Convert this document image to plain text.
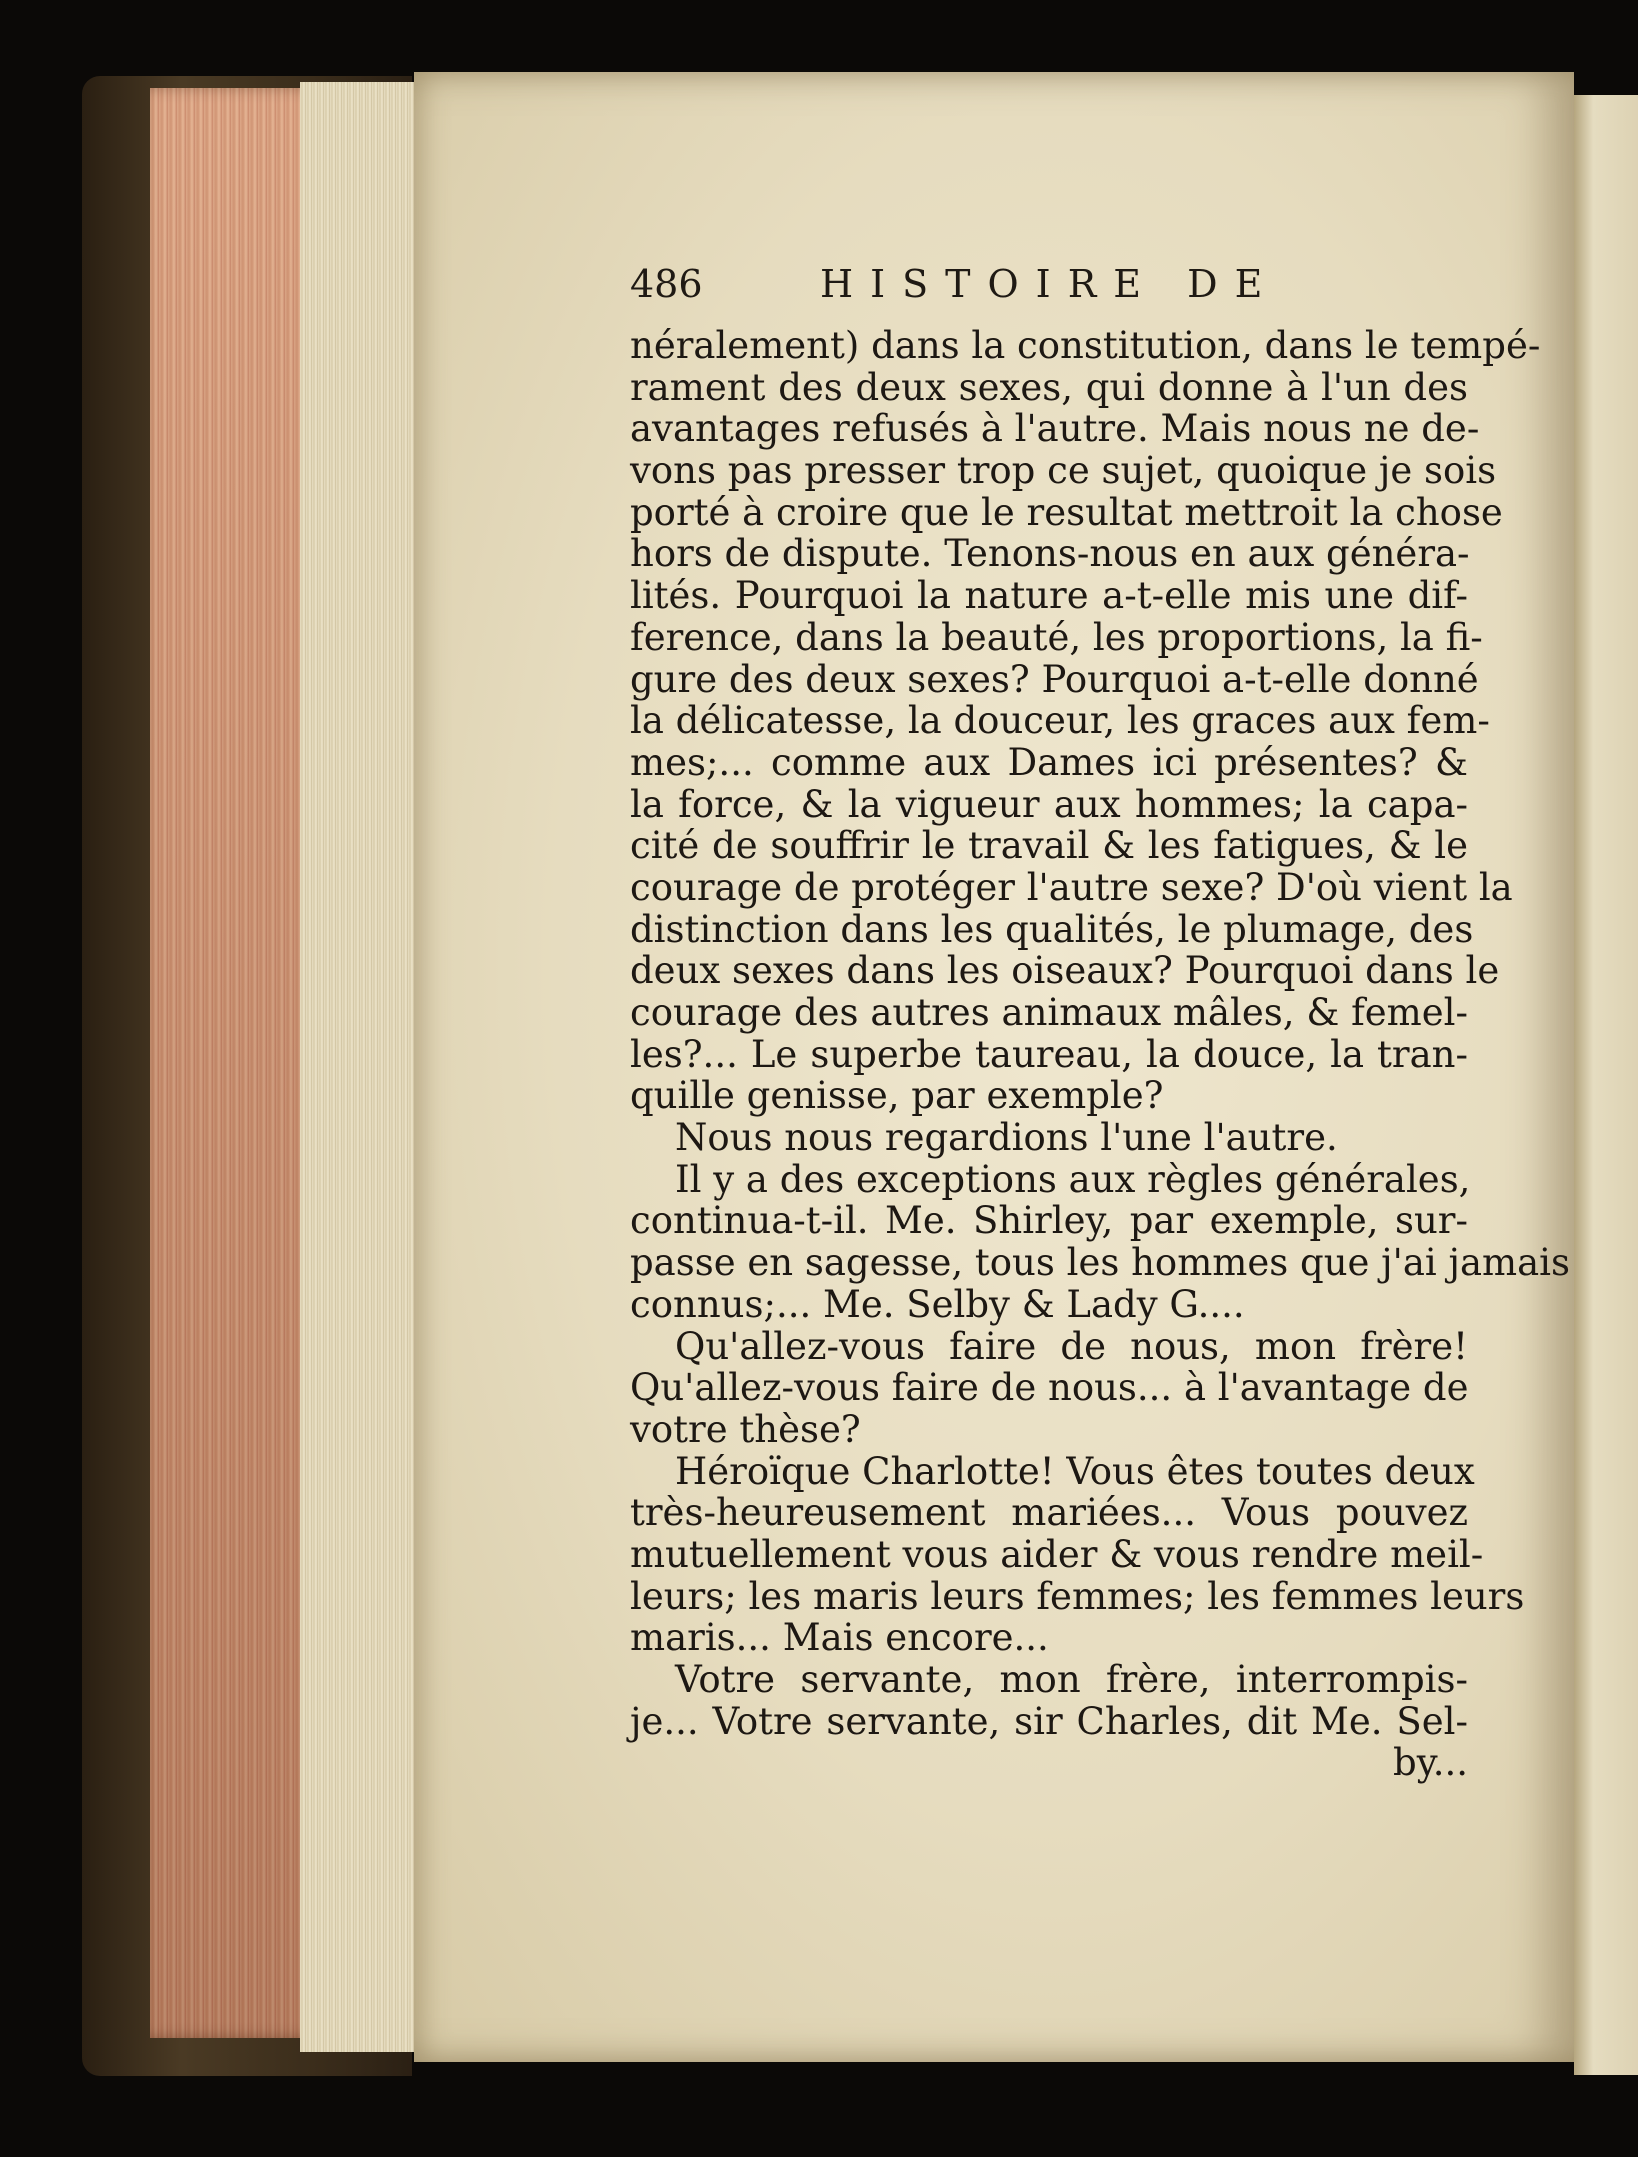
486	HISTOIRE DE
néralement) dans la constitution, dans le tempé-
rament des deux sexes, qui donne à l'un des
avantages refusés à l'autre. Mais nous ne de-
vons pas presser trop ce sujet, quoique je sois
porté à croire que le resultat mettroit la chose
hors de dispute. Tenons-nous en aux généra-
lités. Pourquoi la nature a-t-elle mis une dif-
ference, dans la beauté, les proportions, la fi-
gure des deux sexes? Pourquoi a-t-elle donné
la délicatesse, la douceur, les graces aux fem-
mes;... comme aux Dames ici présentes? &
la force, & la vigueur aux hommes; la capa-
cité de souffrir le travail & les fatigues, & le
courage de protéger l'autre sexe? D'où vient la
distinction dans les qualités, le plumage, des
deux sexes dans les oiseaux? Pourquoi dans le
courage des autres animaux mâles, & femel-
les?... Le superbe taureau, la douce, la tran-
quille genisse, par exemple?
Nous nous regardions l'une l'autre.
Il y a des exceptions aux règles générales,
continua-t-il. Me. Shirley, par exemple, sur-
passe en sagesse, tous les hommes que j'ai jamais
connus;... Me. Selby & Lady G....
Qu'allez-vous faire de nous, mon frère!
Qu'allez-vous faire de nous... à l'avantage de
votre thèse?
Héroïque Charlotte! Vous êtes toutes deux
très-heureusement mariées... Vous pouvez
mutuellement vous aider & vous rendre meil-
leurs; les maris leurs femmes; les femmes leurs
maris... Mais encore...
Votre servante, mon frère, interrompis-
je... Votre servante, sir Charles, dit Me. Sel-
by...
